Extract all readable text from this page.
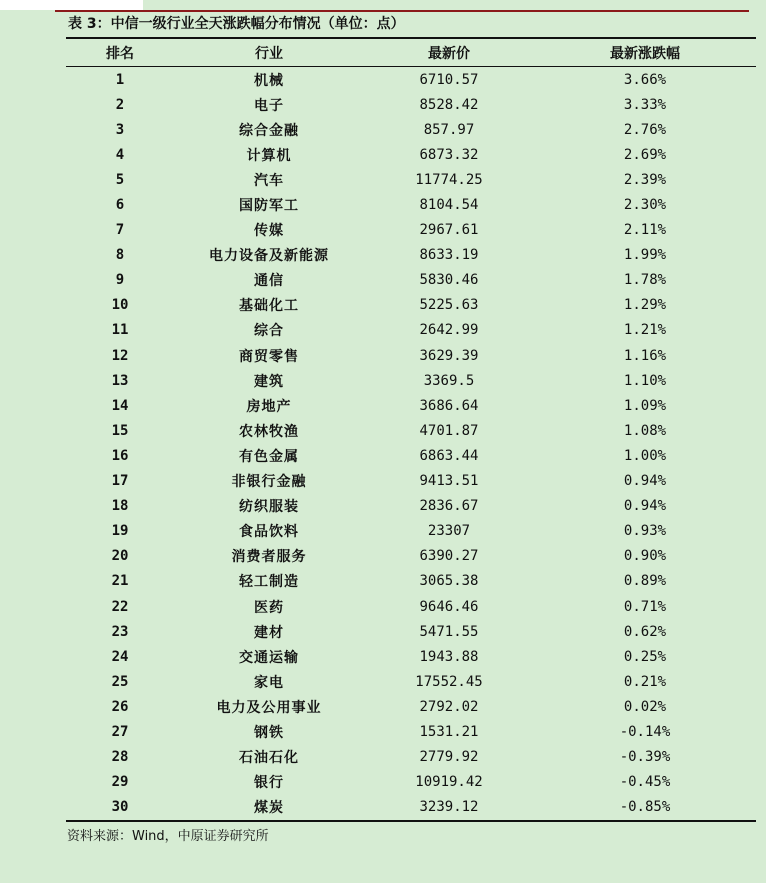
表 3：中信一级行业全天涨跌幅分布情况（单位：点）
排名	行业	最新价	最新涨跌幅
1	机械	6710.57	3.66%
2	电子	8528.42	3.33%
3	综合金融	857.97	2.76%
4	计算机	6873.32	2.69%
5	汽车	11774.25	2.39%
6	国防军工	8104.54	2.30%
7	传媒	2967.61	2.11%
8	电力设备及新能源	8633.19	1.99%
9	通信	5830.46	1.78%
10	基础化工	5225.63	1.29%
11	综合	2642.99	1.21%
12	商贸零售	3629.39	1.16%
13	建筑	3369.5	1.10%
14	房地产	3686.64	1.09%
15	农林牧渔	4701.87	1.08%
16	有色金属	6863.44	1.00%
17	非银行金融	9413.51	0.94%
18	纺织服装	2836.67	0.94%
19	食品饮料	23307	0.93%
20	消费者服务	6390.27	0.90%
21	轻工制造	3065.38	0.89%
22	医药	9646.46	0.71%
23	建材	5471.55	0.62%
24	交通运输	1943.88	0.25%
25	家电	17552.45	0.21%
26	电力及公用事业	2792.02	0.02%
27	钢铁	1531.21	-0.14%
28	石油石化	2779.92	-0.39%
29	银行	10919.42	-0.45%
30	煤炭	3239.12	-0.85%
资料来源：Wind，中原证券研究所
